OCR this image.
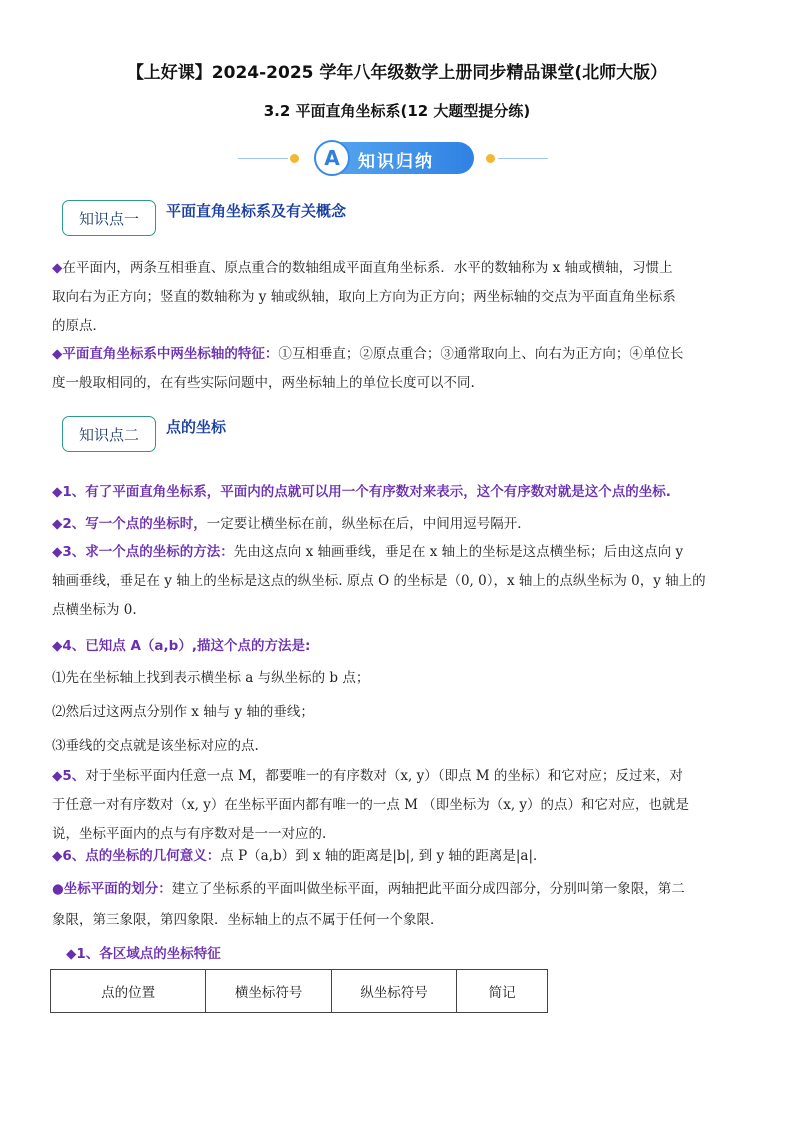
【上好课】2024-2025 学年八年级数学上册同步精品课堂(北师大版）
3.2 平面直角坐标系(12 大题型提分练)
A	知识归纳
知识点一	平面直角坐标系及有关概念
◆在平面内，两条互相垂直、原点重合的数轴组成平面直角坐标系．水平的数轴称为 x 轴或横轴，习惯上
取向右为正方向；竖直的数轴称为 y 轴或纵轴，取向上方向为正方向；两坐标轴的交点为平面直角坐标系
的原点．
◆平面直角坐标系中两坐标轴的特征：①互相垂直；②原点重合；③通常取向上、向右为正方向；④单位长
度一般取相同的，在有些实际问题中，两坐标轴上的单位长度可以不同.
知识点二	点的坐标
◆1、有了平面直角坐标系，平面内的点就可以用一个有序数对来表示，这个有序数对就是这个点的坐标.
◆2、写一个点的坐标时，一定要让横坐标在前，纵坐标在后，中间用逗号隔开．
◆3、求一个点的坐标的方法：先由这点向 x 轴画垂线，垂足在 x 轴上的坐标是这点横坐标；后由这点向 y
轴画垂线，垂足在 y 轴上的坐标是这点的纵坐标. 原点 O 的坐标是（0, 0），x 轴上的点纵坐标为 0，y 轴上的
点横坐标为 0.
◆4、已知点 A（a,b）,描这个点的方法是:
⑴先在坐标轴上找到表示横坐标 a 与纵坐标的 b 点；
⑵然后过这两点分别作 x 轴与 y 轴的垂线；
⑶垂线的交点就是该坐标对应的点.
◆5、对于坐标平面内任意一点 M，都要唯一的有序数对（x, y）（即点 M 的坐标）和它对应；反过来，对
于任意一对有序数对（x, y）在坐标平面内都有唯一的一点 M （即坐标为（x, y）的点）和它对应，也就是
说，坐标平面内的点与有序数对是一一对应的.
◆6、点的坐标的几何意义：点 P（a,b）到 x 轴的距离是|b|, 到 y 轴的距离是|a|．
●坐标平面的划分：建立了坐标系的平面叫做坐标平面，两轴把此平面分成四部分，分别叫第一象限，第二
象限，第三象限，第四象限．坐标轴上的点不属于任何一个象限．
◆1、各区域点的坐标特征
点的位置	横坐标符号	纵坐标符号	简记
